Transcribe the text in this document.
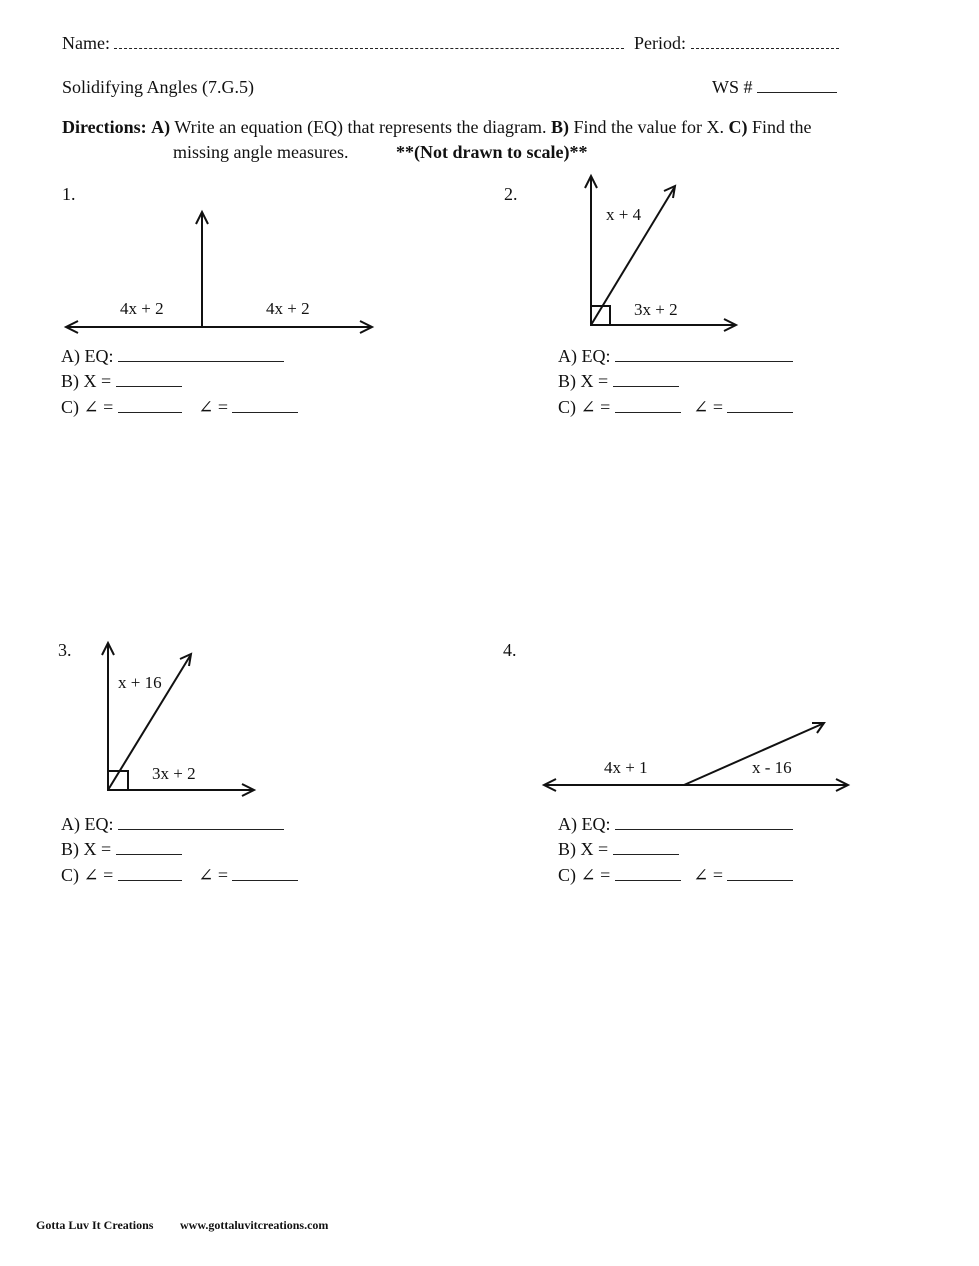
Name:	Period:
Solidifying Angles (7.G.5)	WS #
Directions: A) Write an equation (EQ) that represents the diagram. B) Find the value for X. C) Find the
missing angle measures.	**(Not drawn to scale)**
1.	2.
3.	4.
4x + 2	4x + 2
x + 4
3x + 2
x + 16
3x + 2	4x + 1	x - 16
A) EQ:
B) X =
C) ∠ =	∠ =
A) EQ:
B) X =
C) ∠ =	∠ =
A) EQ:
B) X =
C) ∠ =	∠ =
A) EQ:
B) X =
C) ∠ =	∠ =
Gotta Luv It Creations www.gottaluvitcreations.com
